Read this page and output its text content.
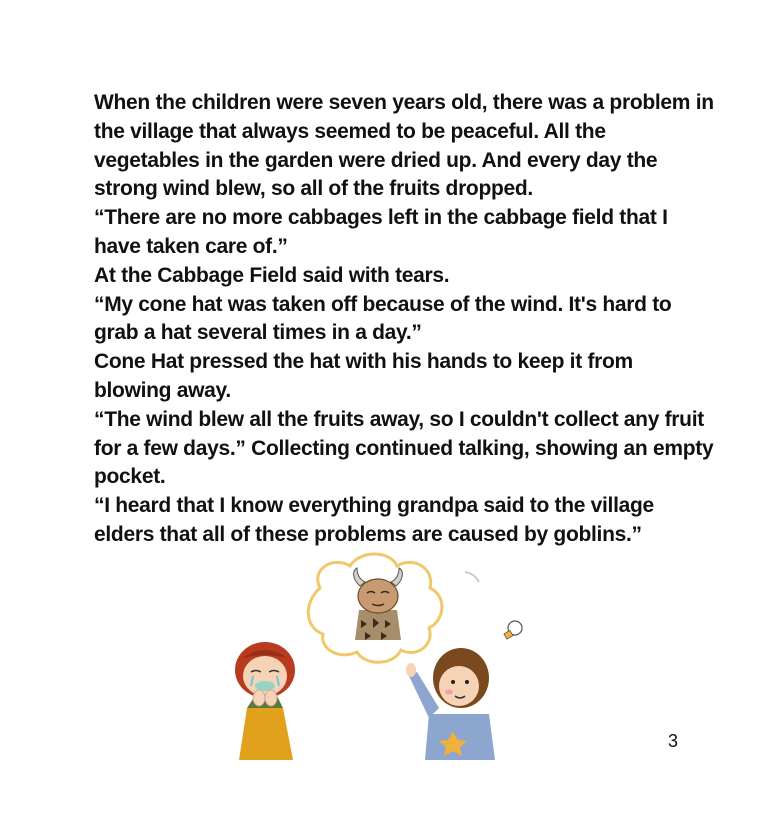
When the children were seven years old, there was a problem in the village that always seemed to be peaceful. All the vegetables in the garden were dried up. And every day the strong wind blew, so all of the fruits dropped.

“There are no more cabbages left in the cabbage field that I have taken care of.”

At the Cabbage Field said with tears.

“My cone hat was taken off because of the wind. It's hard to grab a hat several times in a day.”

Cone Hat pressed the hat with his hands to keep it from blowing away.

“The wind blew all the fruits away, so I couldn't collect any fruit for a few days.” Collecting continued talking, showing an empty pocket.

“I heard that I know everything grandpa said to the village elders that all of these problems are caused by goblins.”

3
